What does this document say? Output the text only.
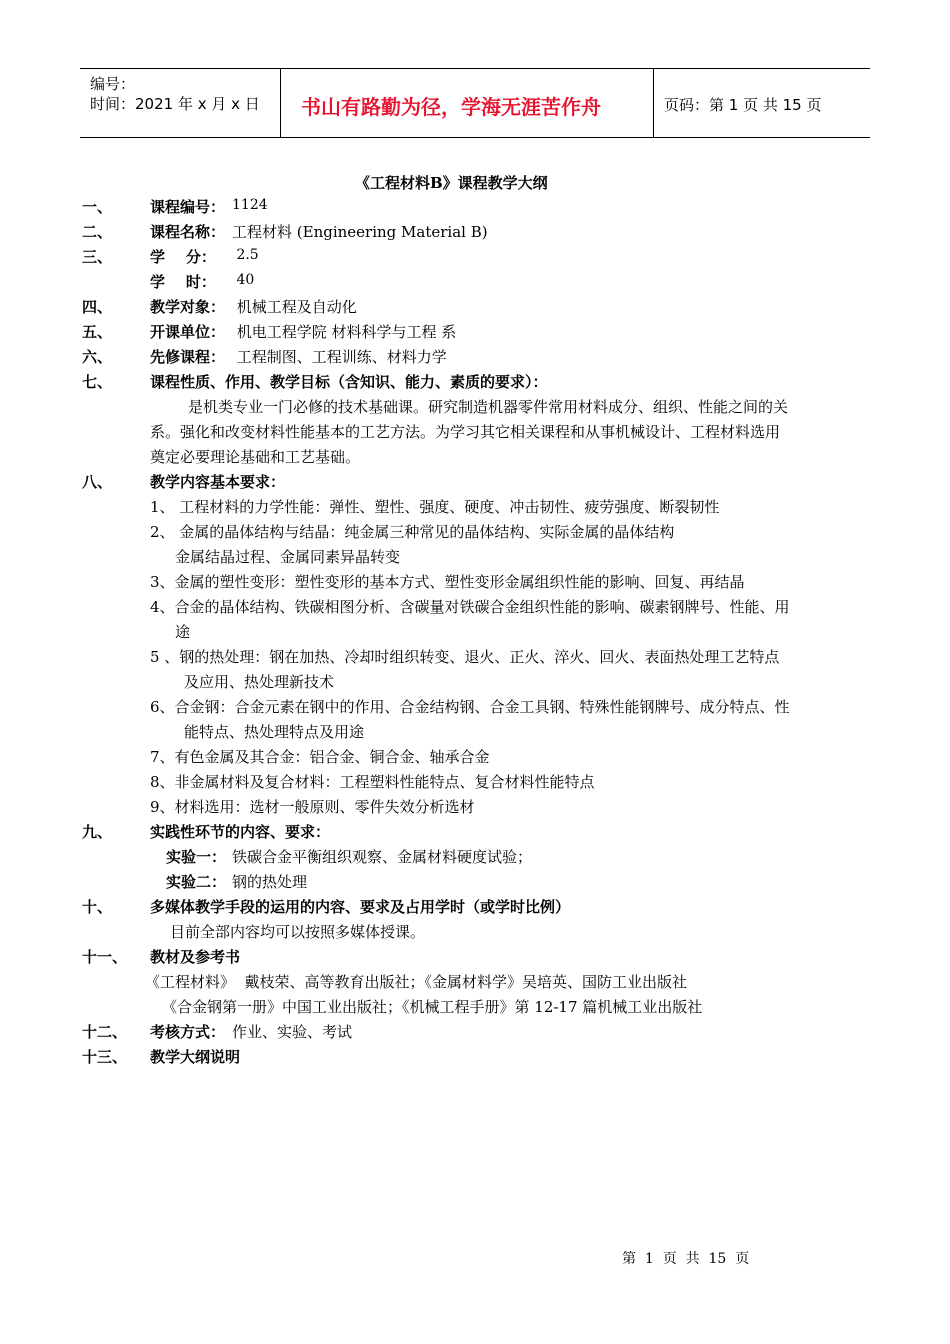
编号：
时间：2021 年 x 月 x 日 书山有路勤为径，学海无涯苦作舟	页码：第 1 页 共 15 页
《工程材料B》课程教学大纲
一、	课程编号： 1124
二、	课程名称： 工程材料 (Engineering Material B)
三、	学    分： 2.5
学    时： 40
四、	教学对象： 机械工程及自动化
五、	开课单位： 机电工程学院 材料科学与工程 系
六、	先修课程： 工程制图、工程训练、材料力学
七、	课程性质、作用、教学目标（含知识、能力、素质的要求）：
是机类专业一门必修的技术基础课。研究制造机器零件常用材料成分、组织、性能之间的关
系。强化和改变材料性能基本的工艺方法。为学习其它相关课程和从事机械设计、工程材料选用
奠定必要理论基础和工艺基础。
八、	教学内容基本要求：
1、 工程材料的力学性能：弹性、塑性、强度、硬度、冲击韧性、疲劳强度、断裂韧性
2、 金属的晶体结构与结晶：纯金属三种常见的晶体结构、实际金属的晶体结构
金属结晶过程、金属同素异晶转变
3、金属的塑性变形：塑性变形的基本方式、塑性变形金属组织性能的影响、回复、再结晶
4、合金的晶体结构、铁碳相图分析、含碳量对铁碳合金组织性能的影响、碳素钢牌号、性能、用
途
5 、钢的热处理：钢在加热、冷却时组织转变、退火、正火、淬火、回火、表面热处理工艺特点
及应用、热处理新技术
6、合金钢：合金元素在钢中的作用、合金结构钢、合金工具钢、特殊性能钢牌号、成分特点、性
能特点、热处理特点及用途
7、有色金属及其合金：铝合金、铜合金、轴承合金
8、非金属材料及复合材料：工程塑料性能特点、复合材料性能特点
9、材料选用：选材一般原则、零件失效分析选材
九、	实践性环节的内容、要求：
实验一： 铁碳合金平衡组织观察、金属材料硬度试验；
实验二： 钢的热处理
十、	多媒体教学手段的运用的内容、要求及占用学时（或学时比例）
目前全部内容均可以按照多媒体授课。
十一、 教材及参考书
《工程材料》  戴枝荣、高等教育出版社；《金属材料学》吴培英、国防工业出版社
《合金钢第一册》中国工业出版社；《机械工程手册》第 12-17 篇机械工业出版社
十二、 考核方式： 作业、实验、考试
十三、 教学大纲说明
第  1  页  共  15  页
